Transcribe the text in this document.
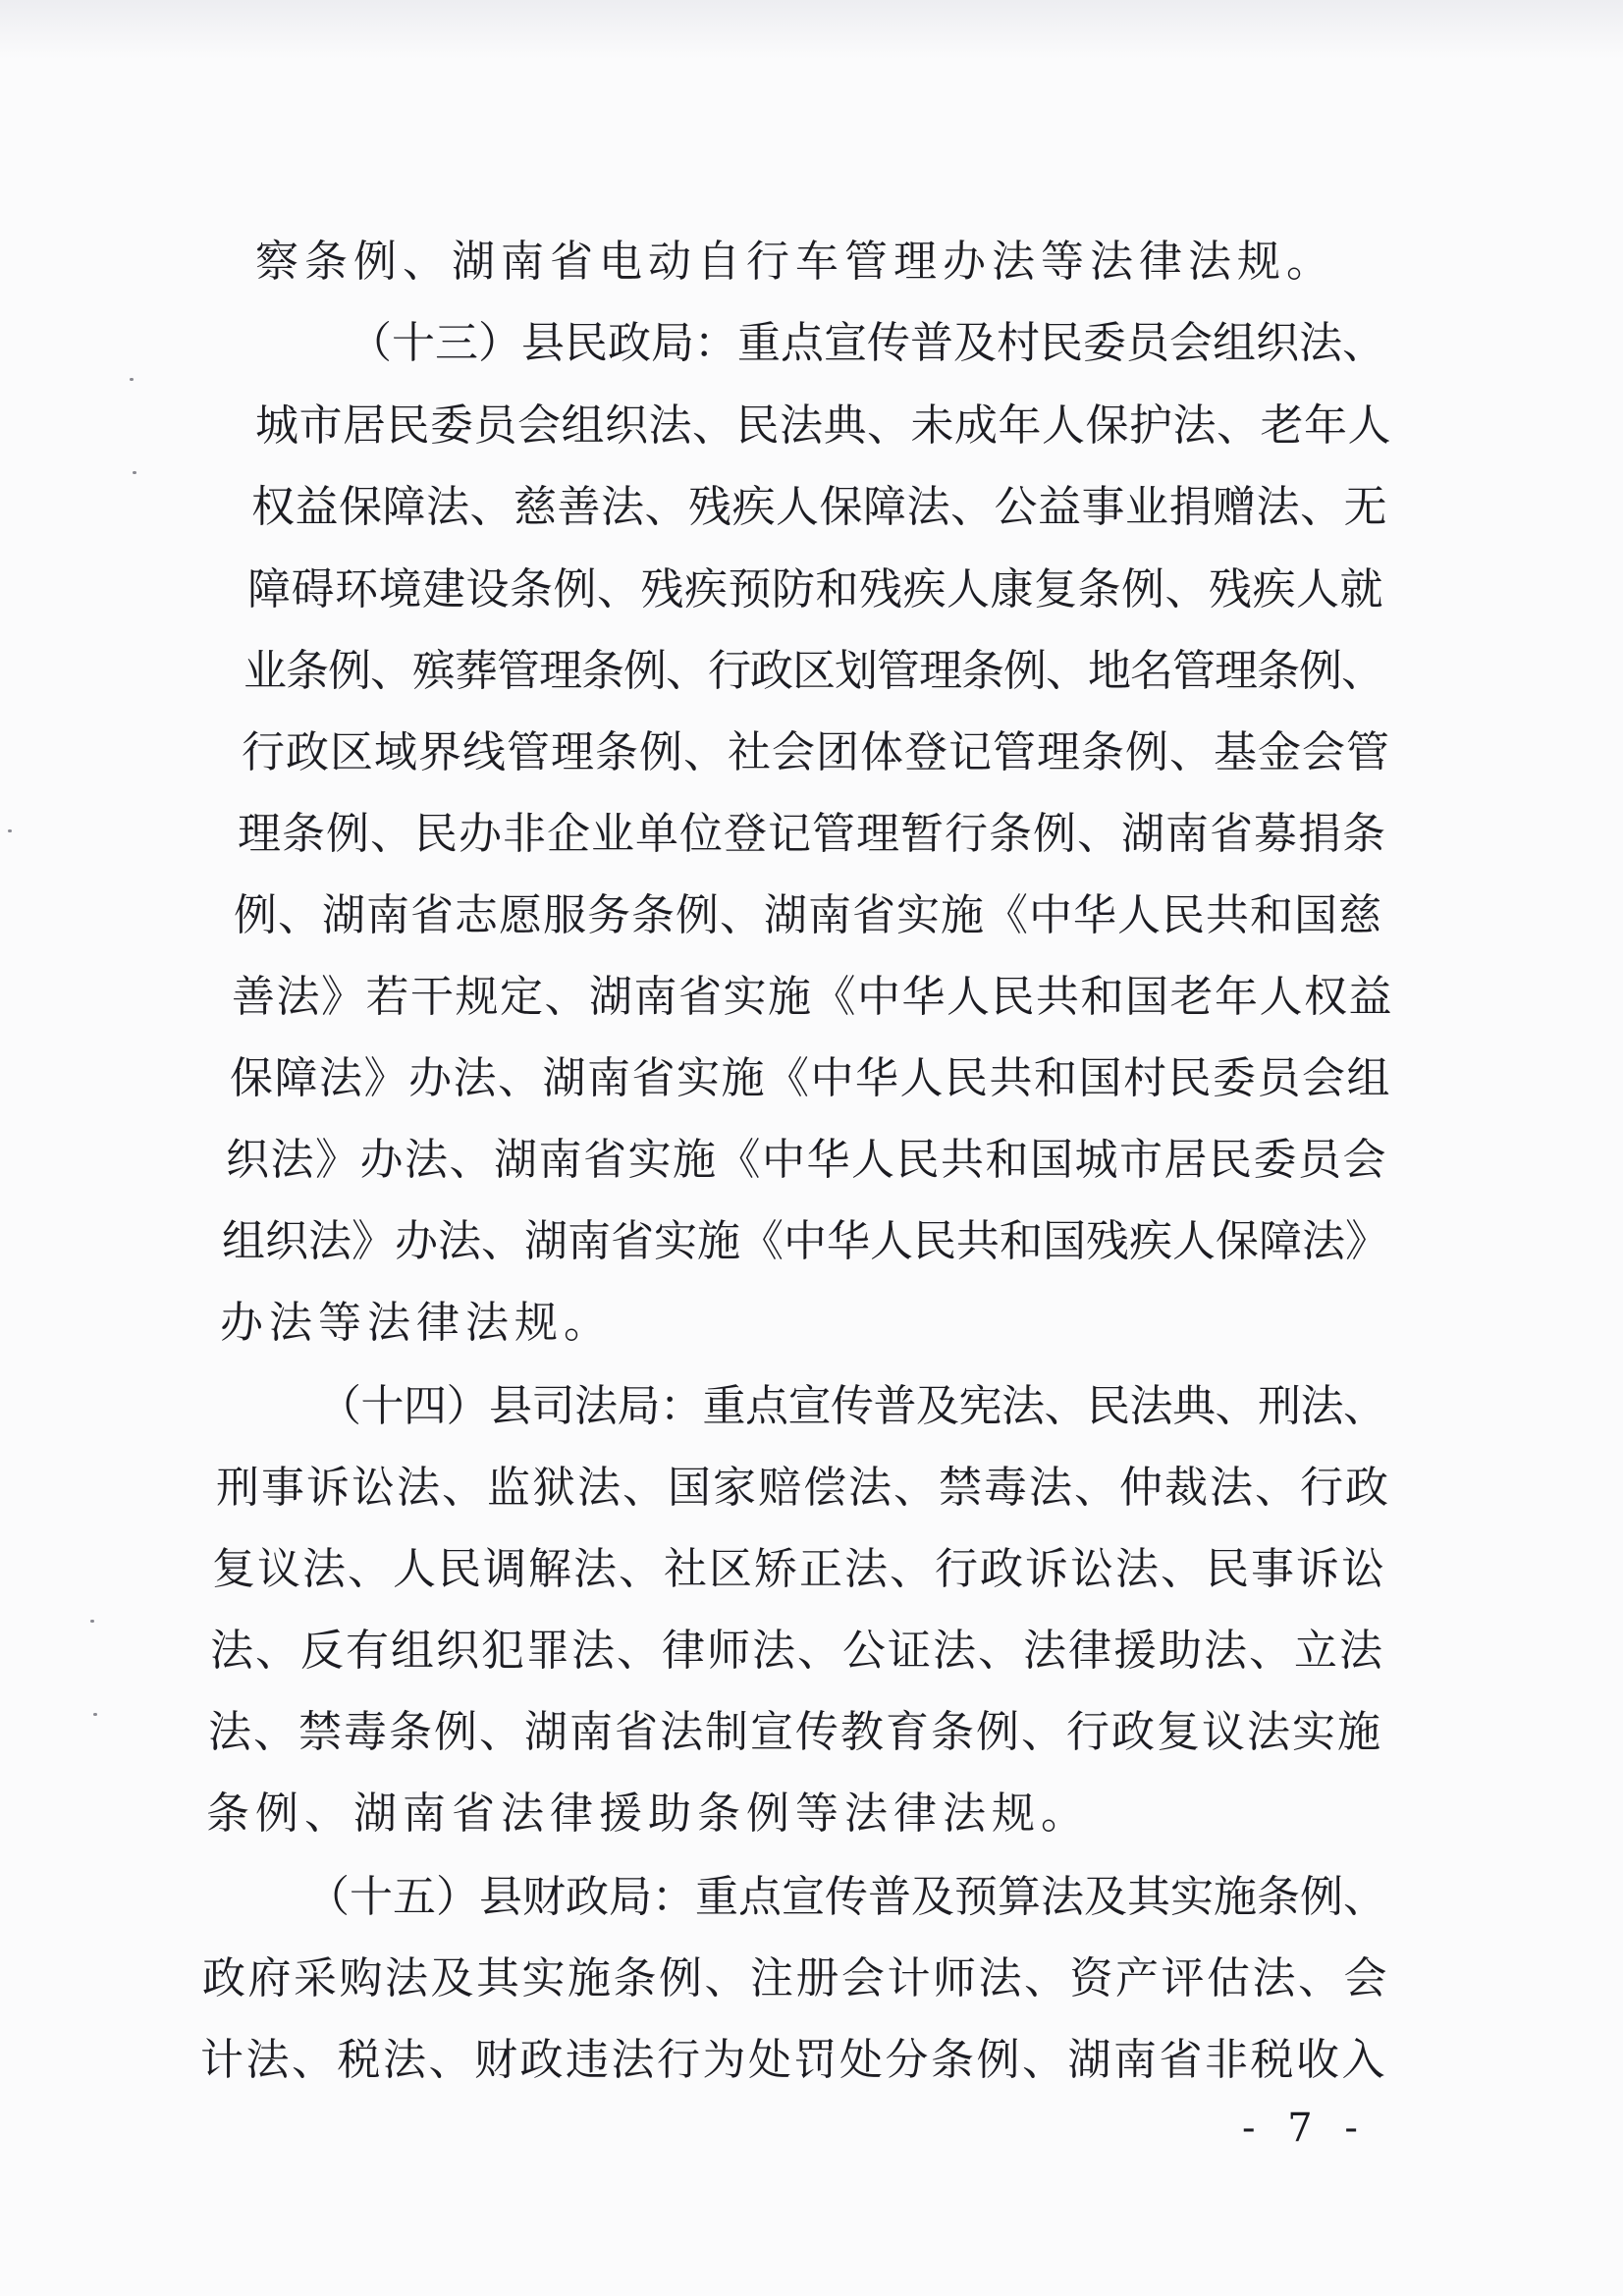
察条例、湖南省电动自行车管理办法等法律法规。
（十三）县民政局：重点宣传普及村民委员会组织法、
城市居民委员会组织法、民法典、未成年人保护法、老年人
权益保障法、慈善法、残疾人保障法、公益事业捐赠法、无
障碍环境建设条例、残疾预防和残疾人康复条例、残疾人就
业条例、殡葬管理条例、行政区划管理条例、地名管理条例、
行政区域界线管理条例、社会团体登记管理条例、基金会管
理条例、民办非企业单位登记管理暂行条例、湖南省募捐条
例、湖南省志愿服务条例、湖南省实施《中华人民共和国慈
善法》若干规定、湖南省实施《中华人民共和国老年人权益
保障法》办法、湖南省实施《中华人民共和国村民委员会组
织法》办法、湖南省实施《中华人民共和国城市居民委员会
组织法》办法、湖南省实施《中华人民共和国残疾人保障法》
办法等法律法规。
（十四）县司法局：重点宣传普及宪法、民法典、刑法、
刑事诉讼法、监狱法、国家赔偿法、禁毒法、仲裁法、行政
复议法、人民调解法、社区矫正法、行政诉讼法、民事诉讼
法、反有组织犯罪法、律师法、公证法、法律援助法、立法
法、禁毒条例、湖南省法制宣传教育条例、行政复议法实施
条例、湖南省法律援助条例等法律法规。
（十五）县财政局：重点宣传普及预算法及其实施条例、
政府采购法及其实施条例、注册会计师法、资产评估法、会
计法、税法、财政违法行为处罚处分条例、湖南省非税收入
- 7 -
